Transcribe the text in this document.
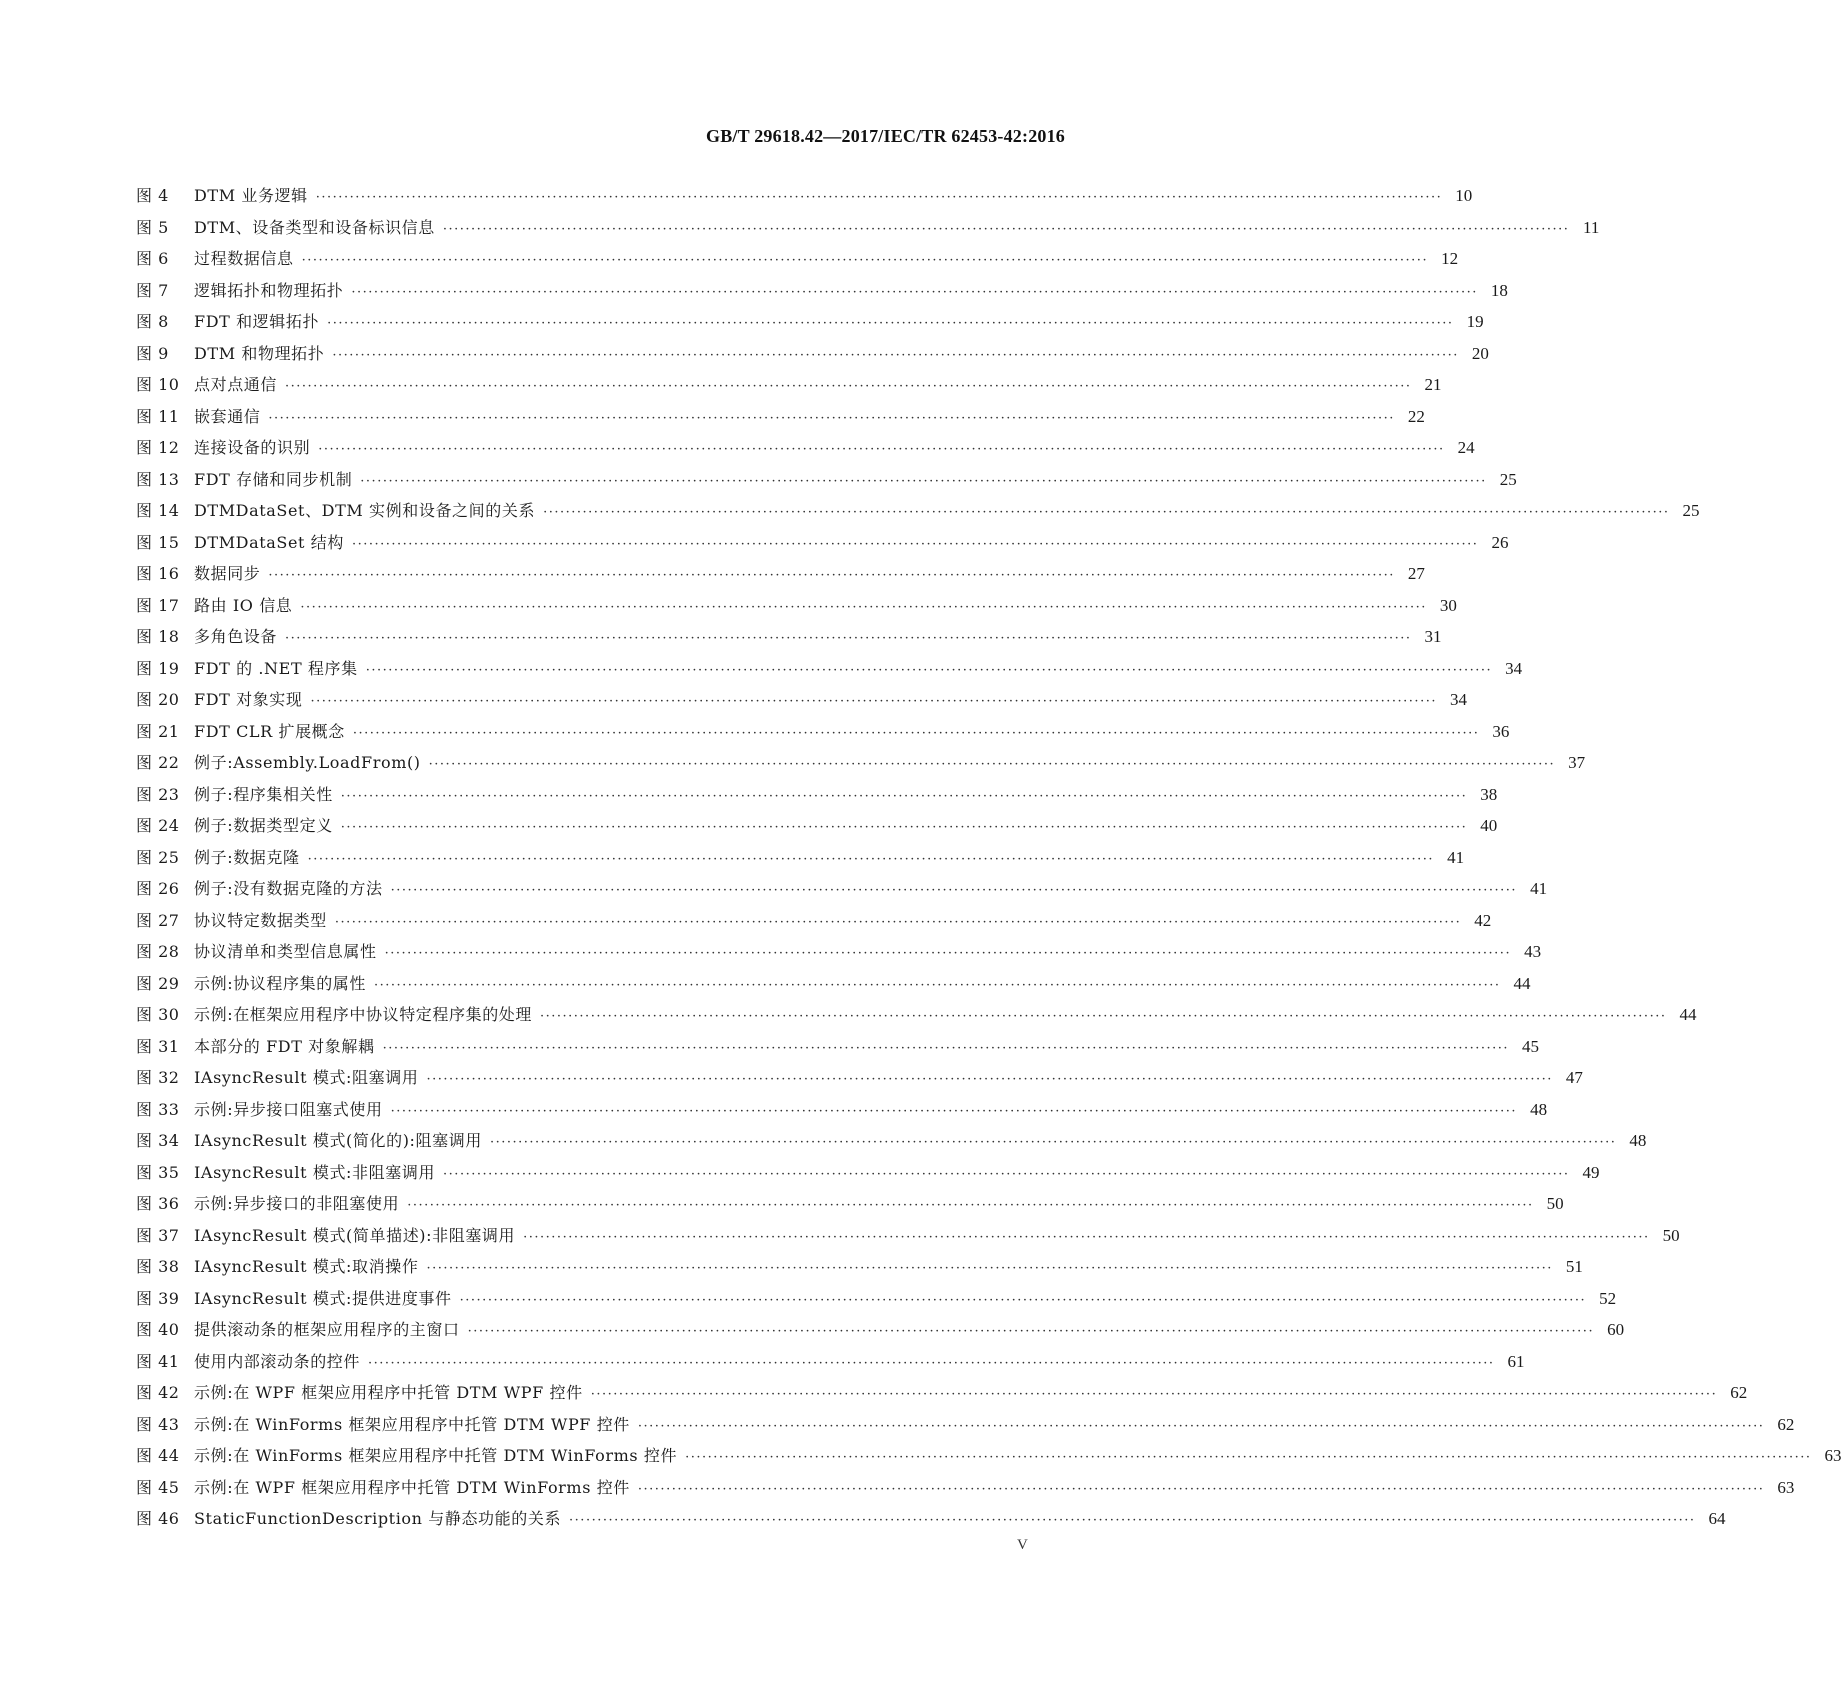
GB/T 29618.42—2017/IEC/TR 62453-42:2016
图 4	DTM 业务逻辑 ········································································································································································································ 10
图 5	DTM、设备类型和设备标识信息 ········································································································································································································ 11
图 6	过程数据信息 ········································································································································································································ 12
图 7	逻辑拓扑和物理拓扑 ········································································································································································································ 18
图 8	FDT 和逻辑拓扑 ········································································································································································································ 19
图 9	DTM 和物理拓扑 ········································································································································································································ 20
图 10 点对点通信 ········································································································································································································ 21
图 11 嵌套通信 ········································································································································································································ 22
图 12 连接设备的识别 ········································································································································································································ 24
图 13 FDT 存储和同步机制 ········································································································································································································ 25
图 14 DTMDataSet、DTM 实例和设备之间的关系 ········································································································································································································ 25
图 15 DTMDataSet 结构 ········································································································································································································ 26
图 16 数据同步 ········································································································································································································ 27
图 17 路由 IO 信息 ········································································································································································································ 30
图 18 多角色设备 ········································································································································································································ 31
图 19 FDT 的 .NET 程序集 ········································································································································································································ 34
图 20 FDT 对象实现 ········································································································································································································ 34
图 21 FDT CLR 扩展概念 ········································································································································································································ 36
图 22 例子:Assembly.LoadFrom() ········································································································································································································ 37
图 23 例子:程序集相关性 ········································································································································································································ 38
图 24 例子:数据类型定义 ········································································································································································································ 40
图 25 例子:数据克隆 ········································································································································································································ 41
图 26 例子:没有数据克隆的方法 ········································································································································································································ 41
图 27 协议特定数据类型 ········································································································································································································ 42
图 28 协议清单和类型信息属性 ········································································································································································································ 43
图 29 示例:协议程序集的属性 ········································································································································································································ 44
图 30 示例:在框架应用程序中协议特定程序集的处理 ········································································································································································································ 44
图 31 本部分的 FDT 对象解耦 ········································································································································································································ 45
图 32 IAsyncResult 模式:阻塞调用 ········································································································································································································ 47
图 33 示例:异步接口阻塞式使用 ········································································································································································································ 48
图 34 IAsyncResult 模式(简化的):阻塞调用 ········································································································································································································ 48
图 35 IAsyncResult 模式:非阻塞调用 ········································································································································································································ 49
图 36 示例:异步接口的非阻塞使用 ········································································································································································································ 50
图 37 IAsyncResult 模式(简单描述):非阻塞调用 ········································································································································································································ 50
图 38 IAsyncResult 模式:取消操作 ········································································································································································································ 51
图 39 IAsyncResult 模式:提供进度事件 ········································································································································································································ 52
图 40 提供滚动条的框架应用程序的主窗口 ········································································································································································································ 60
图 41 使用内部滚动条的控件 ········································································································································································································ 61
图 42 示例:在 WPF 框架应用程序中托管 DTM WPF 控件 ········································································································································································································ 62
图 43 示例:在 WinForms 框架应用程序中托管 DTM WPF 控件 ········································································································································································································ 62
图 44 示例:在 WinForms 框架应用程序中托管 DTM WinForms 控件 ········································································································································································································ 63
图 45 示例:在 WPF 框架应用程序中托管 DTM WinForms 控件 ········································································································································································································ 63
图 46 StaticFunctionDescription 与静态功能的关系 ········································································································································································································ 64
V
